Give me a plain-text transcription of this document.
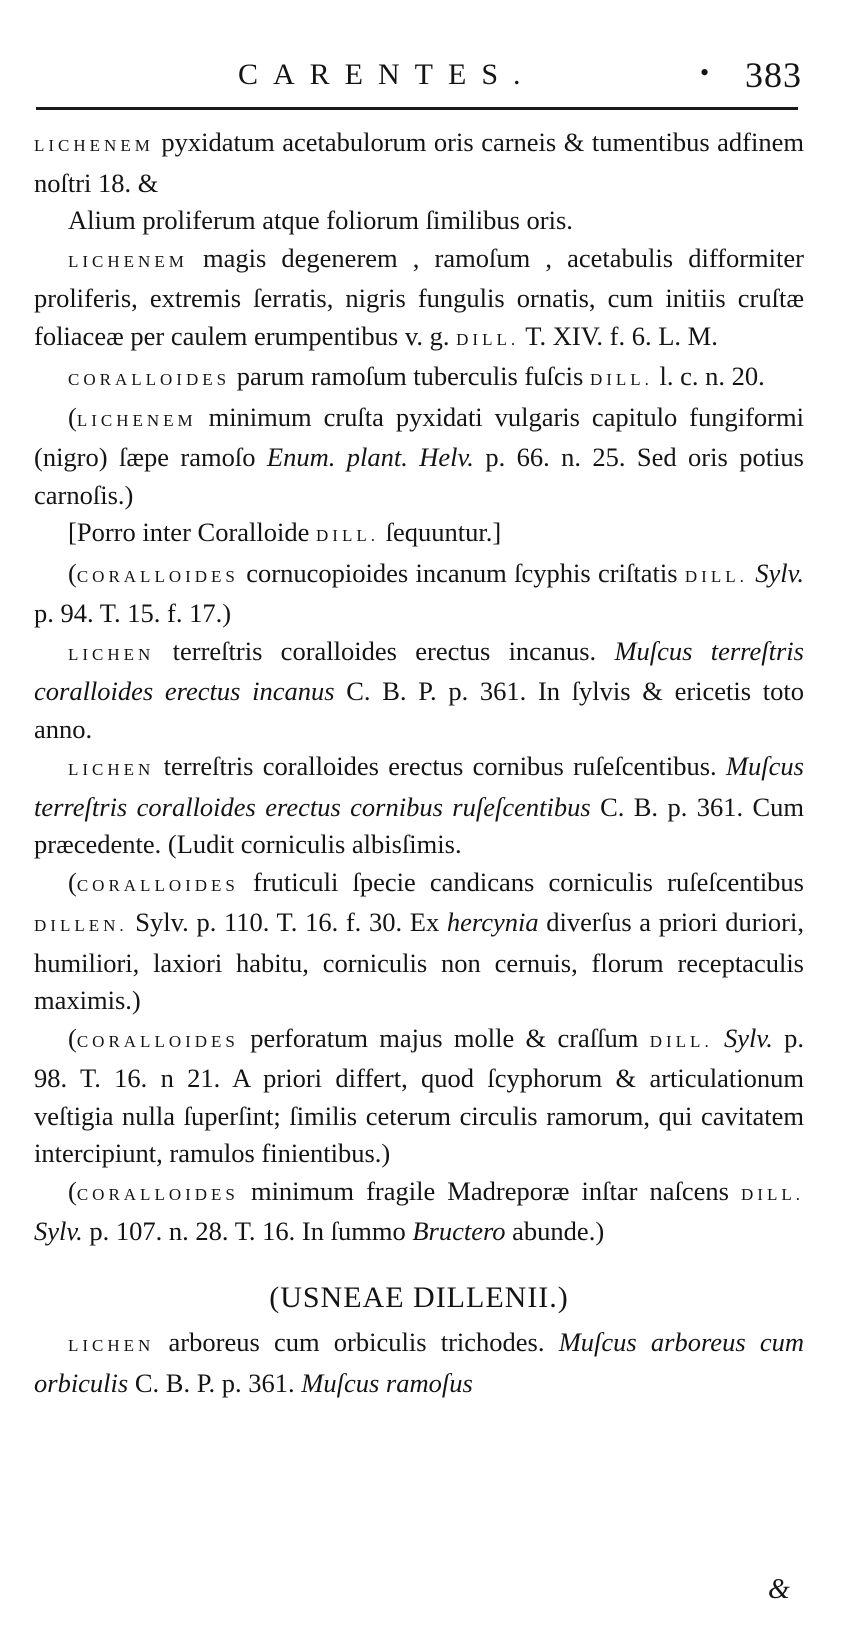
CARENTES.	• 383

LICHENEM pyxidatum acetabulorum oris carneis & tumentibus adfinem noſtri 18. &

Alium proliferum atque foliorum ſimilibus oris.

LICHENEM magis degenerem , ramoſum , acetabulis difformiter proliferis, extremis ſerratis, nigris fungulis ornatis, cum initiis cruſtæ foliaceæ per caulem erumpentibus v. g. DILL. T. XIV. f. 6. L. M.

CORALLOIDES parum ramoſum tuberculis fuſcis DILL. l. c. n. 20.

(LICHENEM minimum cruſta pyxidati vulgaris capitulo fungiformi (nigro) ſæpe ramoſo Enum. plant. Helv. p. 66. n. 25. Sed oris potius carnoſis.)

[Porro inter Coralloide DILL. ſequuntur.]

(CORALLOIDES cornucopioides incanum ſcyphis criſtatis DILL. Sylv. p. 94. T. 15. f. 17.)

LICHEN terreſtris coralloides erectus incanus. Muſcus terreſtris coralloides erectus incanus C. B. P. p. 361. In ſylvis & ericetis toto anno.

LICHEN terreſtris coralloides erectus cornibus ruſeſcentibus. Muſcus terreſtris coralloides erectus cornibus ruſeſcentibus C. B. p. 361. Cum præcedente. (Ludit corniculis albisſimis.

(CORALLOIDES fruticuli ſpecie candicans corniculis ruſeſcentibus DILLEN. Sylv. p. 110. T. 16. f. 30. Ex hercynia diverſus a priori duriori, humiliori, laxiori habitu, corniculis non cernuis, florum receptaculis maximis.)

(CORALLOIDES perforatum majus molle & craſſum DILL. Sylv. p. 98. T. 16. n 21. A priori differt, quod ſcyphorum & articulationum veſtigia nulla ſuperſint; ſimilis ceterum circulis ramorum, qui cavitatem intercipiunt, ramulos finientibus.)

(CORALLOIDES minimum fragile Madreporæ inſtar naſcens DILL. Sylv. p. 107. n. 28. T. 16. In ſummo Bructero abunde.)

(USNEAE DILLENII.)

LICHEN arboreus cum orbiculis trichodes. Muſcus arboreus cum orbiculis C. B. P. p. 361. Muſcus ramoſus

&
